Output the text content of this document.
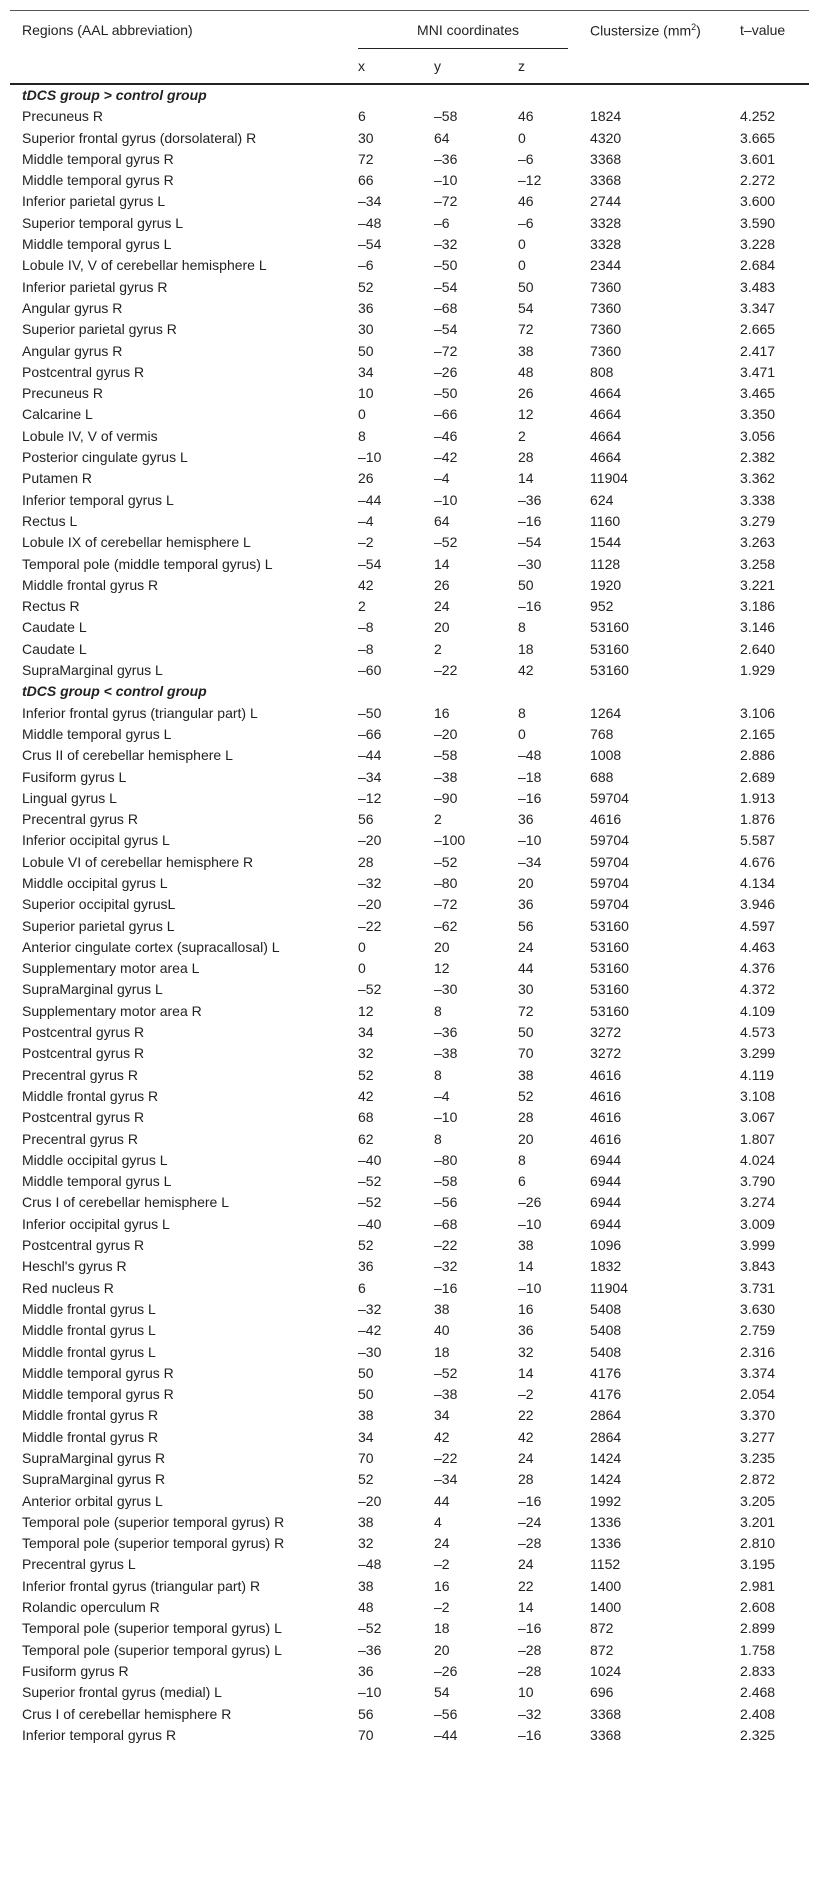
Regions (AAL abbreviation)	MNI coordinates			Clustersize $(mm^2)$	t–value
	x	y	z		
tDCS group > control group					
Precuneus R	6	–58	46	1824	4.252
Superior frontal gyrus (dorsolateral) R	30	64	0	4320	3.665
Middle temporal gyrus R	72	–36	–6	3368	3.601
Middle temporal gyrus R	66	–10	–12	3368	2.272
Inferior parietal gyrus L	–34	–72	46	2744	3.600
Superior temporal gyrus L	–48	–6	–6	3328	3.590
Middle temporal gyrus L	–54	–32	0	3328	3.228
Lobule IV, V of cerebellar hemisphere L	–6	–50	0	2344	2.684
Inferior parietal gyrus R	52	–54	50	7360	3.483
Angular gyrus R	36	–68	54	7360	3.347
Superior parietal gyrus R	30	–54	72	7360	2.665
Angular gyrus R	50	–72	38	7360	2.417
Postcentral gyrus R	34	–26	48	808	3.471
Precuneus R	10	–50	26	4664	3.465
Calcarine L	0	–66	12	4664	3.350
Lobule IV, V of vermis	8	–46	2	4664	3.056
Posterior cingulate gyrus L	–10	–42	28	4664	2.382
Putamen R	26	–4	14	11904	3.362
Inferior temporal gyrus L	–44	–10	–36	624	3.338
Rectus L	–4	64	–16	1160	3.279
Lobule IX of cerebellar hemisphere L	–2	–52	–54	1544	3.263
Temporal pole (middle temporal gyrus) L	–54	14	–30	1128	3.258
Middle frontal gyrus R	42	26	50	1920	3.221
Rectus R	2	24	–16	952	3.186
Caudate L	–8	20	8	53160	3.146
Caudate L	–8	2	18	53160	2.640
SupraMarginal gyrus L	–60	–22	42	53160	1.929
tDCS group < control group					
Inferior frontal gyrus (triangular part) L	–50	16	8	1264	3.106
Middle temporal gyrus L	–66	–20	0	768	2.165
Crus II of cerebellar hemisphere L	–44	–58	–48	1008	2.886
Fusiform gyrus L	–34	–38	–18	688	2.689
Lingual gyrus L	–12	–90	–16	59704	1.913
Precentral gyrus R	56	2	36	4616	1.876
Inferior occipital gyrus L	–20	–100	–10	59704	5.587
Lobule VI of cerebellar hemisphere R	28	–52	–34	59704	4.676
Middle occipital gyrus L	–32	–80	20	59704	4.134
Superior occipital gyrusL	–20	–72	36	59704	3.946
Superior parietal gyrus L	–22	–62	56	53160	4.597
Anterior cingulate cortex (supracallosal) L	0	20	24	53160	4.463
Supplementary motor area L	0	12	44	53160	4.376
SupraMarginal gyrus L	–52	–30	30	53160	4.372
Supplementary motor area R	12	8	72	53160	4.109
Postcentral gyrus R	34	–36	50	3272	4.573
Postcentral gyrus R	32	–38	70	3272	3.299
Precentral gyrus R	52	8	38	4616	4.119
Middle frontal gyrus R	42	–4	52	4616	3.108
Postcentral gyrus R	68	–10	28	4616	3.067
Precentral gyrus R	62	8	20	4616	1.807
Middle occipital gyrus L	–40	–80	8	6944	4.024
Middle temporal gyrus L	–52	–58	6	6944	3.790
Crus I of cerebellar hemisphere L	–52	–56	–26	6944	3.274
Inferior occipital gyrus L	–40	–68	–10	6944	3.009
Postcentral gyrus R	52	–22	38	1096	3.999
Heschl's gyrus R	36	–32	14	1832	3.843
Red nucleus R	6	–16	–10	11904	3.731
Middle frontal gyrus L	–32	38	16	5408	3.630
Middle frontal gyrus L	–42	40	36	5408	2.759
Middle frontal gyrus L	–30	18	32	5408	2.316
Middle temporal gyrus R	50	–52	14	4176	3.374
Middle temporal gyrus R	50	–38	–2	4176	2.054
Middle frontal gyrus R	38	34	22	2864	3.370
Middle frontal gyrus R	34	42	42	2864	3.277
SupraMarginal gyrus R	70	–22	24	1424	3.235
SupraMarginal gyrus R	52	–34	28	1424	2.872
Anterior orbital gyrus L	–20	44	–16	1992	3.205
Temporal pole (superior temporal gyrus) R	38	4	–24	1336	3.201
Temporal pole (superior temporal gyrus) R	32	24	–28	1336	2.810
Precentral gyrus L	–48	–2	24	1152	3.195
Inferior frontal gyrus (triangular part) R	38	16	22	1400	2.981
Rolandic operculum R	48	–2	14	1400	2.608
Temporal pole (superior temporal gyrus) L	–52	18	–16	872	2.899
Temporal pole (superior temporal gyrus) L	–36	20	–28	872	1.758
Fusiform gyrus R	36	–26	–28	1024	2.833
Superior frontal gyrus (medial) L	–10	54	10	696	2.468
Crus I of cerebellar hemisphere R	56	–56	–32	3368	2.408
Inferior temporal gyrus R	70	–44	–16	3368	2.325
